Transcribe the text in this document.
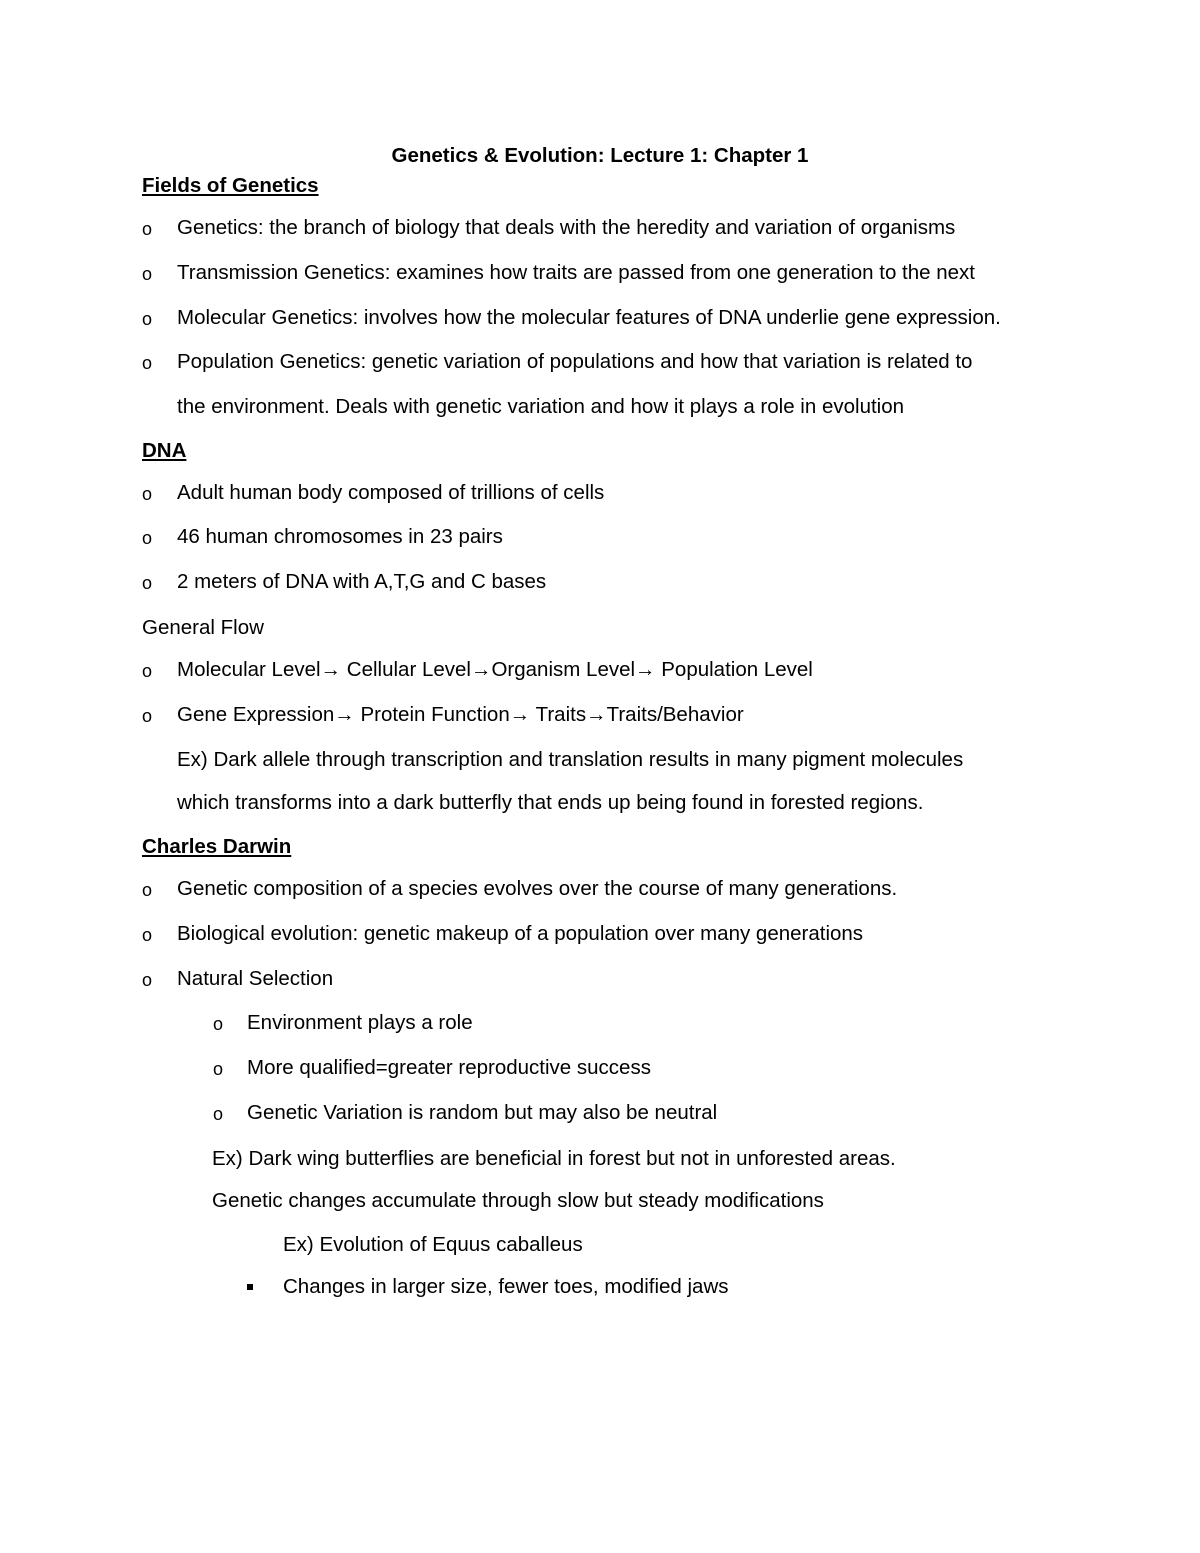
Genetics & Evolution: Lecture 1: Chapter 1
Fields of Genetics
o Genetics: the branch of biology that deals with the heredity and variation of organisms
o Transmission Genetics: examines how traits are passed from one generation to the next
o Molecular Genetics: involves how the molecular features of DNA underlie gene expression.
o Population Genetics: genetic variation of populations and how that variation is related to
the environment. Deals with genetic variation and how it plays a role in evolution
DNA
o Adult human body composed of trillions of cells
o 46 human chromosomes in 23 pairs
o 2 meters of DNA with A,T,G and C bases
General Flow
o Molecular Level→ Cellular Level→Organism Level→ Population Level
o Gene Expression→ Protein Function→ Traits→Traits/Behavior
Ex) Dark allele through transcription and translation results in many pigment molecules
which transforms into a dark butterfly that ends up being found in forested regions.
Charles Darwin
o Genetic composition of a species evolves over the course of many generations.
o Biological evolution: genetic makeup of a population over many generations
o Natural Selection
o Environment plays a role
o More qualified=greater reproductive success
o Genetic Variation is random but may also be neutral
Ex) Dark wing butterflies are beneficial in forest but not in unforested areas.
Genetic changes accumulate through slow but steady modifications
Ex) Evolution of Equus caballeus
Changes in larger size, fewer toes, modified jaws
